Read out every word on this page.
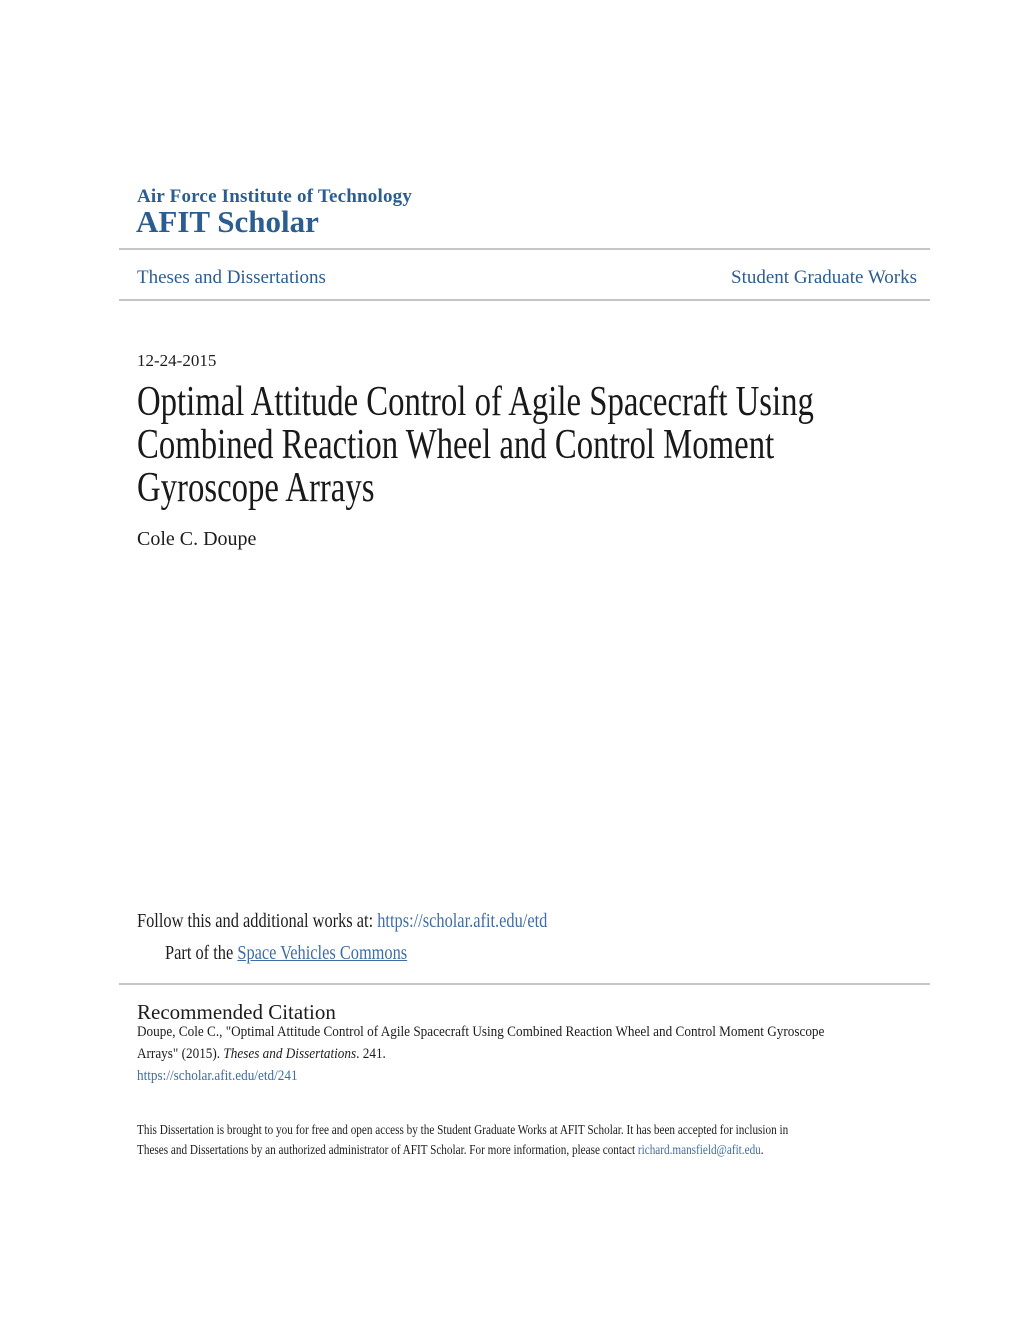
Air Force Institute of Technology
AFIT Scholar
Theses and Dissertations	Student Graduate Works
12-24-2015
Optimal Attitude Control of Agile Spacecraft Using
Combined Reaction Wheel and Control Moment
Gyroscope Arrays
Cole C. Doupe
Follow this and additional works at: https://scholar.afit.edu/etd
Part of the Space Vehicles Commons
Recommended Citation
Doupe, Cole C., "Optimal Attitude Control of Agile Spacecraft Using Combined Reaction Wheel and Control Moment Gyroscope
Arrays" (2015). Theses and Dissertations. 241.
https://scholar.afit.edu/etd/241
This Dissertation is brought to you for free and open access by the Student Graduate Works at AFIT Scholar. It has been accepted for inclusion in
Theses and Dissertations by an authorized administrator of AFIT Scholar. For more information, please contact richard.mansfield@afit.edu.
